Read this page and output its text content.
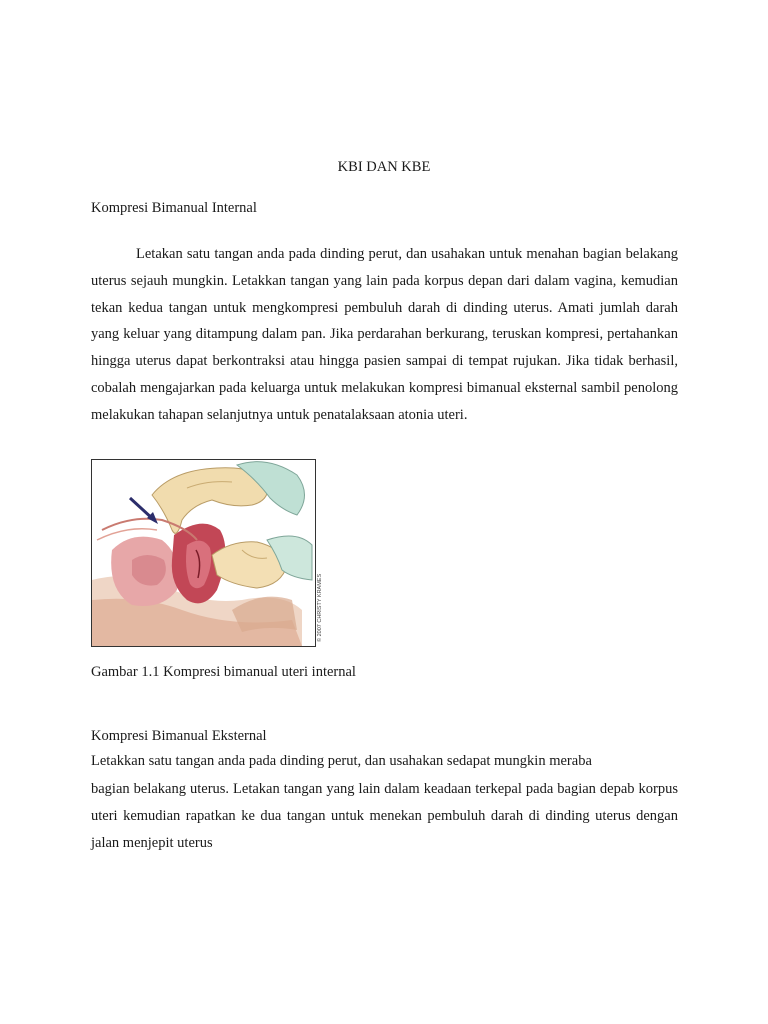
KBI DAN KBE
Kompresi Bimanual Internal

Letakan satu tangan anda pada dinding perut, dan usahakan untuk menahan bagian belakang uterus sejauh mungkin. Letakkan tangan yang lain pada korpus depan dari dalam vagina, kemudian tekan kedua tangan untuk mengkompresi pembuluh darah di dinding uterus. Amati jumlah darah yang keluar yang ditampung dalam pan. Jika perdarahan berkurang, teruskan kompresi, pertahankan hingga uterus dapat berkontraksi atau hingga pasien sampai di tempat rujukan. Jika tidak berhasil, cobalah mengajarkan pada keluarga untuk melakukan kompresi bimanual eksternal sambil penolong melakukan tahapan selanjutnya untuk penatalaksaan atonia uteri.

© 2007 CHRISTY KRAMES
Gambar 1.1 Kompresi bimanual uteri internal
Kompresi Bimanual Eksternal
Letakkan satu tangan anda pada dinding perut, dan usahakan sedapat mungkin meraba

bagian belakang uterus. Letakan tangan yang lain dalam keadaan terkepal pada bagian depab korpus uteri kemudian rapatkan ke dua tangan untuk menekan pembuluh darah di dinding uterus dengan jalan menjepit uterus
